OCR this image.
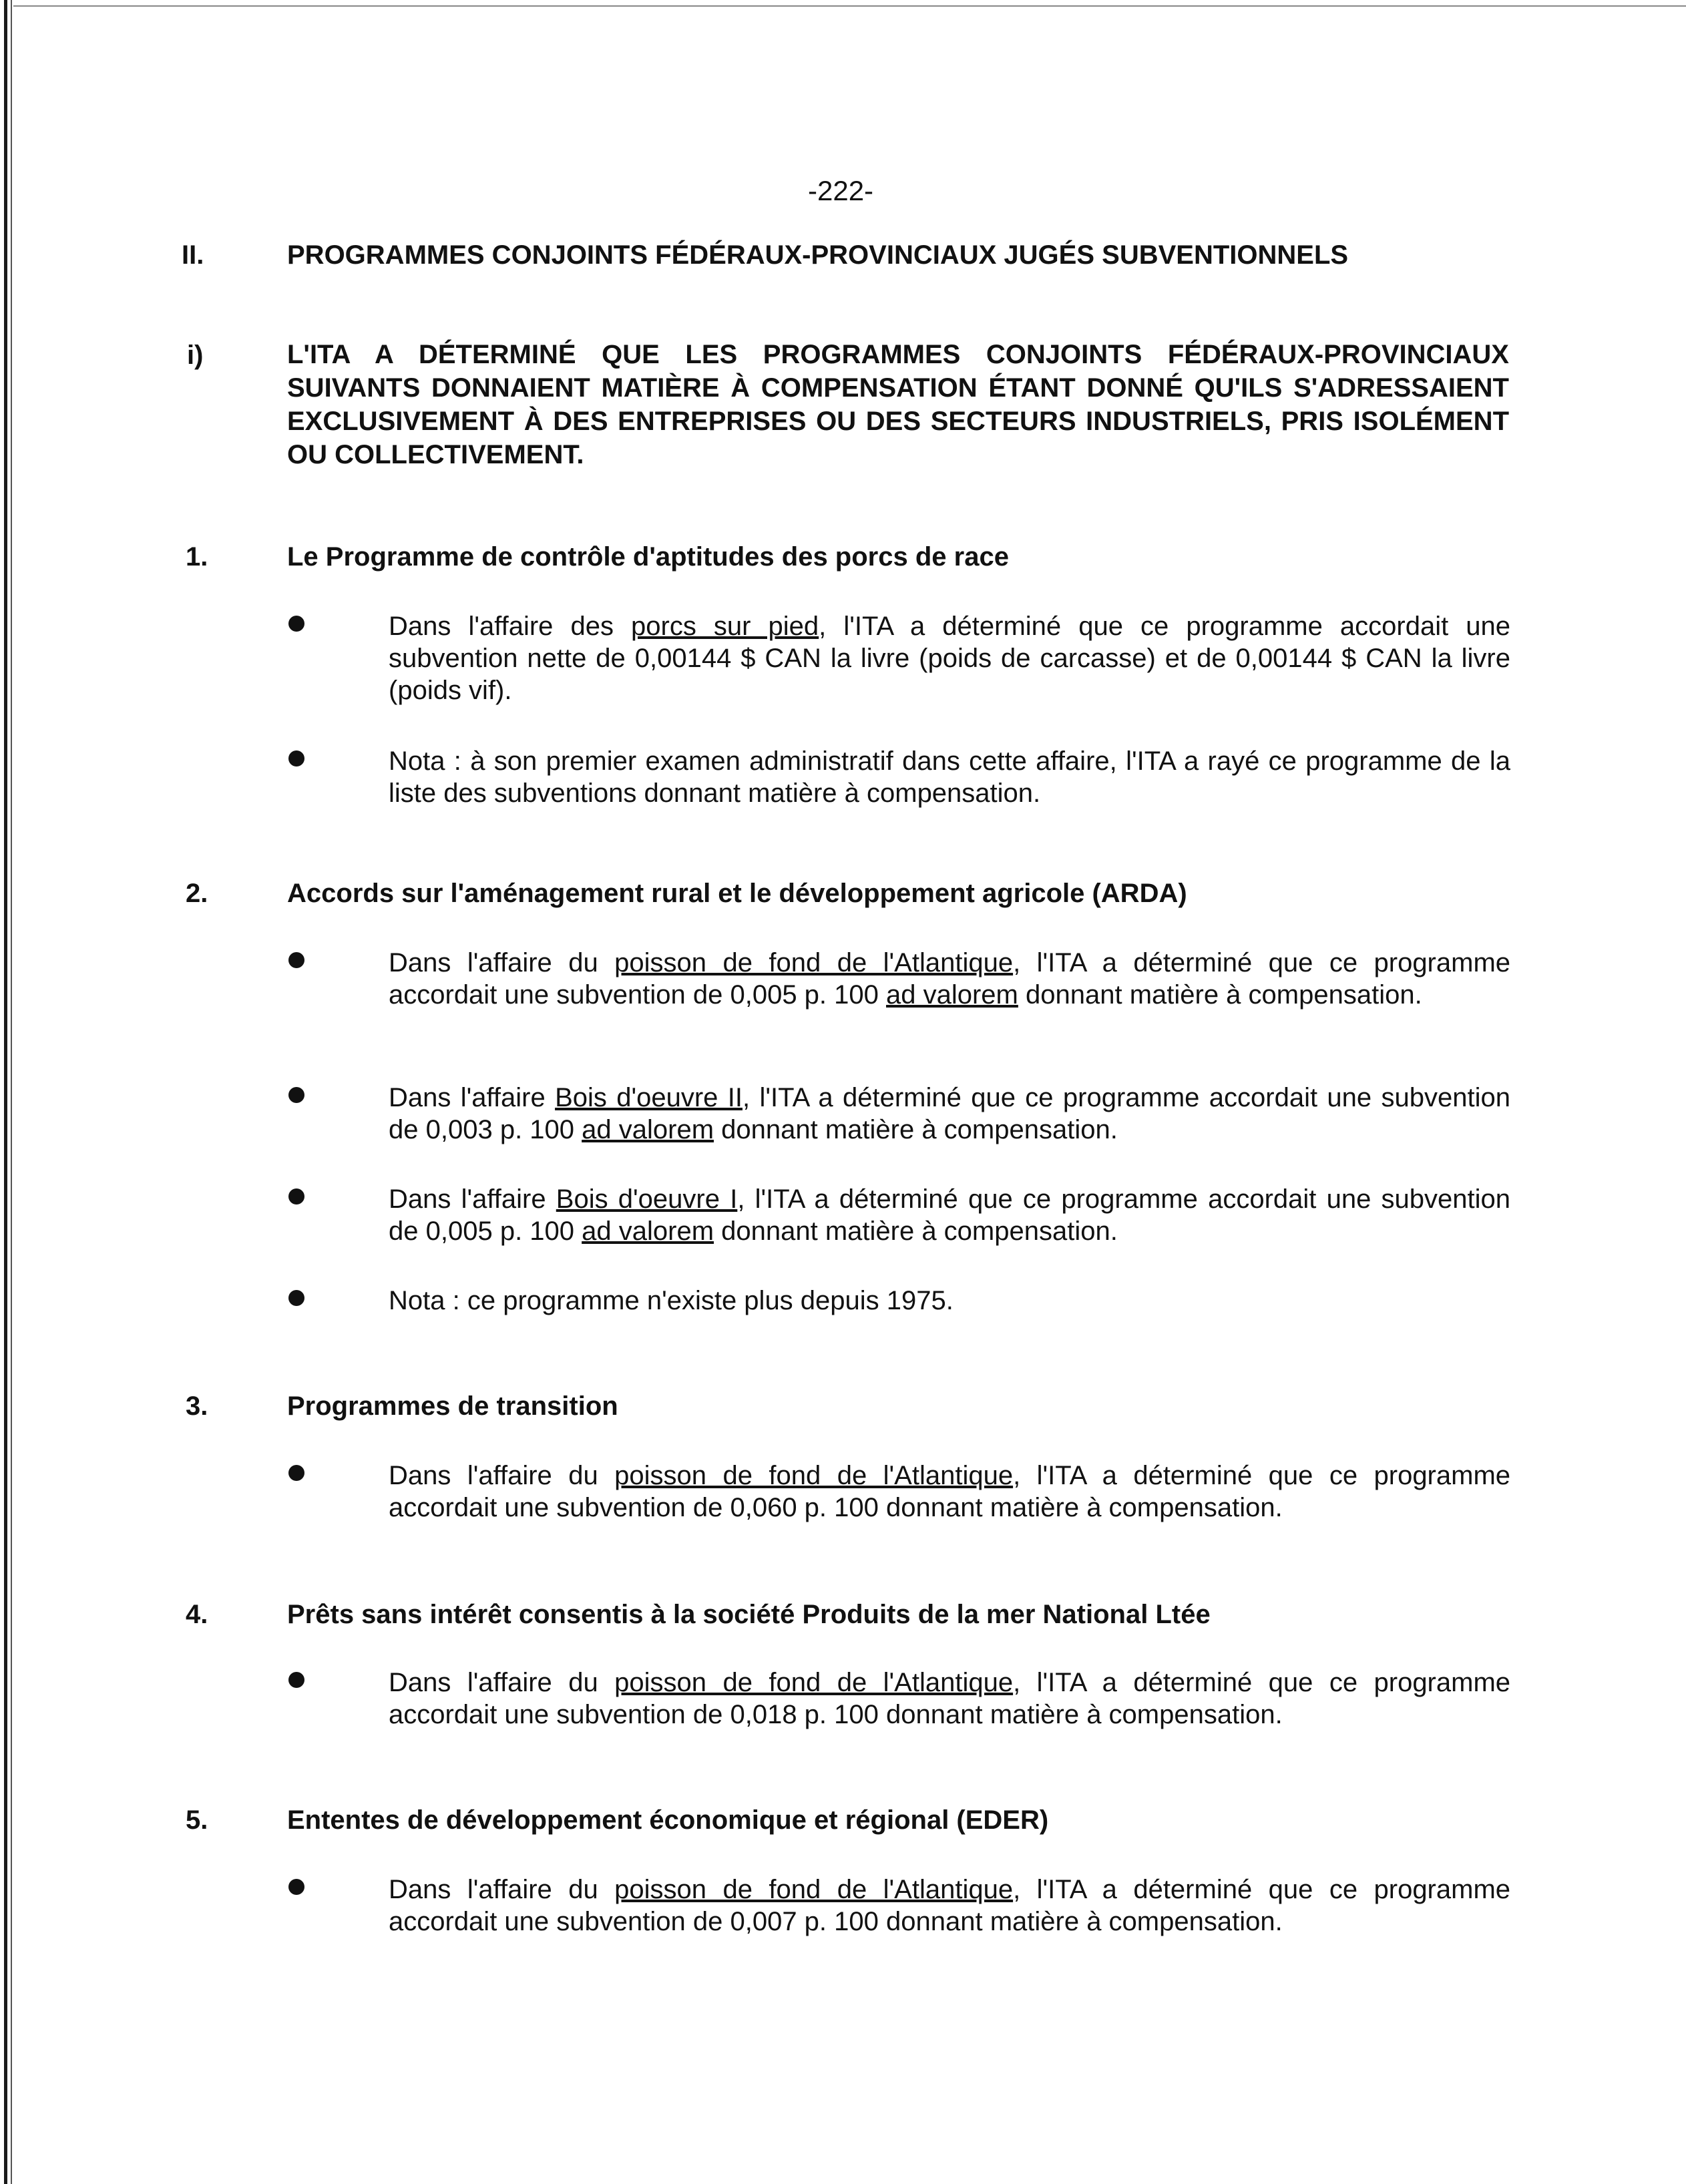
-222-
II.	PROGRAMMES CONJOINTS FÉDÉRAUX-PROVINCIAUX JUGÉS SUBVENTIONNELS
i)	L'ITA A DÉTERMINÉ QUE LES PROGRAMMES CONJOINTS FÉDÉRAUX-PROVINCIAUX SUIVANTS DONNAIENT MATIÈRE À COMPENSATION ÉTANT DONNÉ QU'ILS S'ADRESSAIENT EXCLUSIVEMENT À DES ENTREPRISES OU DES SECTEURS INDUSTRIELS, PRIS ISOLÉMENT OU COLLECTIVEMENT.
1.	Le Programme de contrôle d'aptitudes des porcs de race
Dans l'affaire des porcs sur pied, l'ITA a déterminé que ce programme accordait une subvention nette de 0,00144 $ CAN la livre (poids de carcasse) et de 0,00144 $ CAN la livre (poids vif).
Nota : à son premier examen administratif dans cette affaire, l'ITA a rayé ce programme de la liste des subventions donnant matière à compensation.
2.	Accords sur l'aménagement rural et le développement agricole (ARDA)
Dans l'affaire du poisson de fond de l'Atlantique, l'ITA a déterminé que ce programme accordait une subvention de 0,005 p. 100 ad valorem donnant matière à compensation.
Dans l'affaire Bois d'oeuvre II, l'ITA a déterminé que ce programme accordait une subvention de 0,003 p. 100 ad valorem donnant matière à compensation.
Dans l'affaire Bois d'oeuvre I, l'ITA a déterminé que ce programme accordait une subvention de 0,005 p. 100 ad valorem donnant matière à compensation.
Nota : ce programme n'existe plus depuis 1975.
3.	Programmes de transition
Dans l'affaire du poisson de fond de l'Atlantique, l'ITA a déterminé que ce programme accordait une subvention de 0,060 p. 100 donnant matière à compensation.
4.	Prêts sans intérêt consentis à la société Produits de la mer National Ltée
Dans l'affaire du poisson de fond de l'Atlantique, l'ITA a déterminé que ce programme accordait une subvention de 0,018 p. 100 donnant matière à compensation.
5.	Ententes de développement économique et régional (EDER)
Dans l'affaire du poisson de fond de l'Atlantique, l'ITA a déterminé que ce programme accordait une subvention de 0,007 p. 100 donnant matière à compensation.
